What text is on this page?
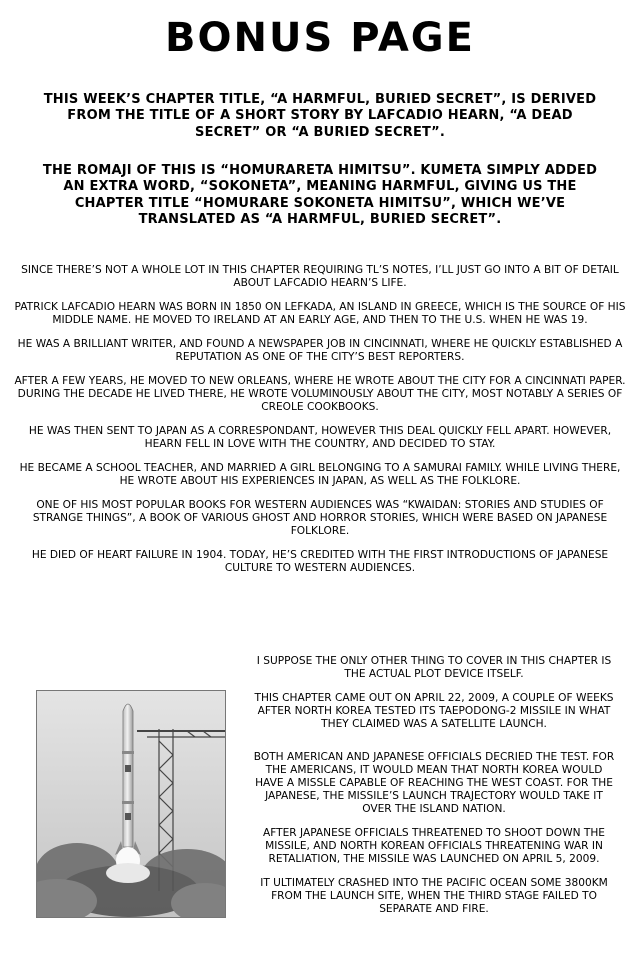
BONUS PAGE
THIS WEEK’S CHAPTER TITLE, “A HARMFUL, BURIED SECRET”, IS DERIVED FROM THE TITLE OF A SHORT STORY BY LAFCADIO HEARN, “A DEAD SECRET” OR “A BURIED SECRET”.
THE ROMAJI OF THIS IS “HOMURARETA HIMITSU”. KUMETA SIMPLY ADDED AN EXTRA WORD, “SOKONETA”, MEANING HARMFUL, GIVING US THE CHAPTER TITLE “HOMURARE SOKONETA HIMITSU”, WHICH WE’VE TRANSLATED AS “A HARMFUL, BURIED SECRET”.

SINCE THERE’S NOT A WHOLE LOT IN THIS CHAPTER REQUIRING TL’S NOTES, I’LL JUST GO INTO A BIT OF DETAIL ABOUT LAFCADIO HEARN’S LIFE.

PATRICK LAFCADIO HEARN WAS BORN IN 1850 ON LEFKADA, AN ISLAND IN GREECE, WHICH IS THE SOURCE OF HIS MIDDLE NAME. HE MOVED TO IRELAND AT AN EARLY AGE, AND THEN TO THE U.S. WHEN HE WAS 19.

HE WAS A BRILLIANT WRITER, AND FOUND A NEWSPAPER JOB IN CINCINNATI, WHERE HE QUICKLY ESTABLISHED A REPUTATION AS ONE OF THE CITY’S BEST REPORTERS.

AFTER A FEW YEARS, HE MOVED TO NEW ORLEANS, WHERE HE WROTE ABOUT THE CITY FOR A CINCINNATI PAPER. DURING THE DECADE HE LIVED THERE, HE WROTE VOLUMINOUSLY ABOUT THE CITY, MOST NOTABLY A SERIES OF CREOLE COOKBOOKS.

HE WAS THEN SENT TO JAPAN AS A CORRESPONDANT, HOWEVER THIS DEAL QUICKLY FELL APART. HOWEVER, HEARN FELL IN LOVE WITH THE COUNTRY, AND DECIDED TO STAY.

HE BECAME A SCHOOL TEACHER, AND MARRIED A GIRL BELONGING TO A SAMURAI FAMILY. WHILE LIVING THERE, HE WROTE ABOUT HIS EXPERIENCES IN JAPAN, AS WELL AS THE FOLKLORE.

ONE OF HIS MOST POPULAR BOOKS FOR WESTERN AUDIENCES WAS “KWAIDAN: STORIES AND STUDIES OF STRANGE THINGS”, A BOOK OF VARIOUS GHOST AND HORROR STORIES, WHICH WERE BASED ON JAPANESE FOLKLORE.

HE DIED OF HEART FAILURE IN 1904. TODAY, HE’S CREDITED WITH THE FIRST INTRODUCTIONS OF JAPANESE CULTURE TO WESTERN AUDIENCES.

I SUPPOSE THE ONLY OTHER THING TO COVER IN THIS CHAPTER IS THE ACTUAL PLOT DEVICE ITSELF.

THIS CHAPTER CAME OUT ON APRIL 22, 2009, A COUPLE OF WEEKS AFTER NORTH KOREA TESTED ITS TAEPODONG-2 MISSILE IN WHAT THEY CLAIMED WAS A SATELLITE LAUNCH.

BOTH AMERICAN AND JAPANESE OFFICIALS DECRIED THE TEST. FOR THE AMERICANS, IT WOULD MEAN THAT NORTH KOREA WOULD HAVE A MISSLE CAPABLE OF REACHING THE WEST COAST. FOR THE JAPANESE, THE MISSILE’S LAUNCH TRAJECTORY WOULD TAKE IT OVER THE ISLAND NATION.

AFTER JAPANESE OFFICIALS THREATENED TO SHOOT DOWN THE MISSILE, AND NORTH KOREAN OFFICIALS THREATENING WAR IN RETALIATION, THE MISSILE WAS LAUNCHED ON APRIL 5, 2009.

IT ULTIMATELY CRASHED INTO THE PACIFIC OCEAN SOME 3800KM FROM THE LAUNCH SITE, WHEN THE THIRD STAGE FAILED TO SEPARATE AND FIRE.
